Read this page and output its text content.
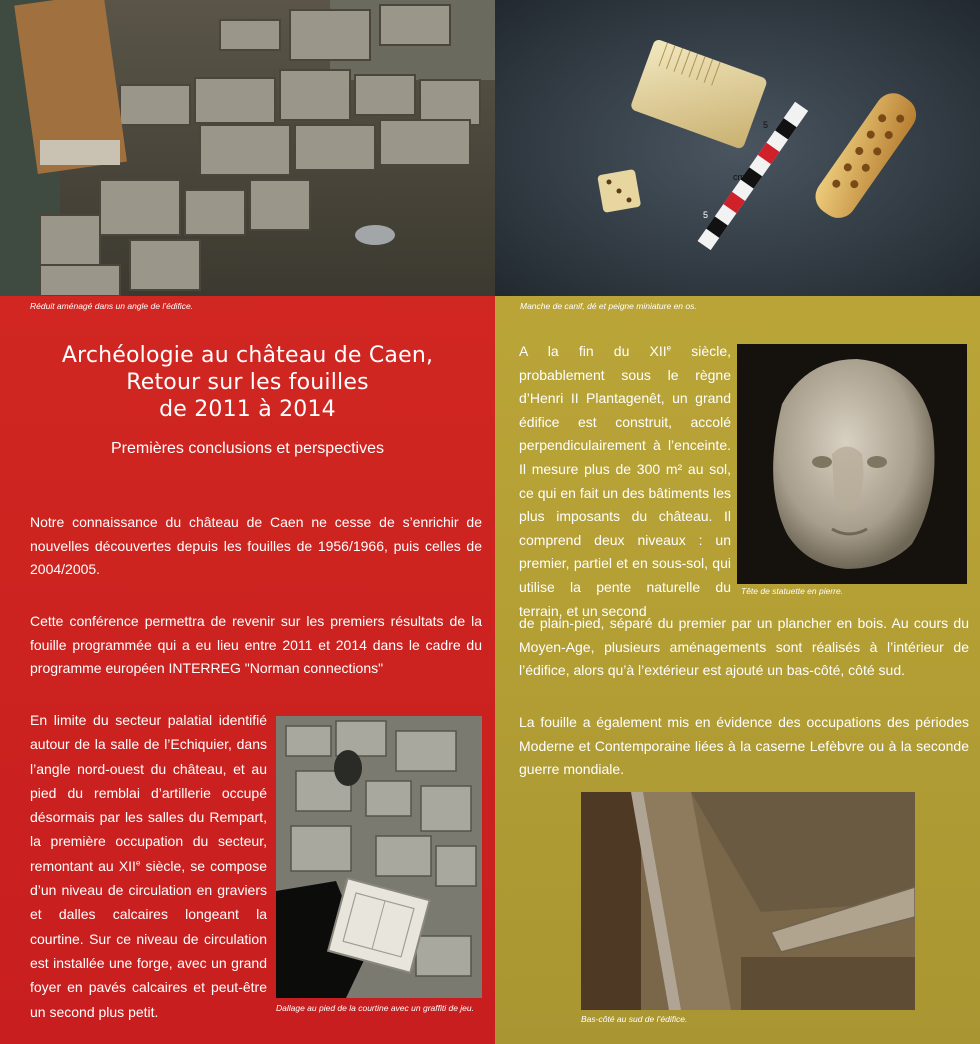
5
cm
5
Réduit aménagé dans un angle de l’édifice.	Manche de canif, dé et peigne miniature en os.
Archéologie au château de Caen,
Retour sur les fouilles
de 2011 à 2014
Premières conclusions et perspectives
Notre connaissance du château de Caen ne cesse de s’enrichir de nouvelles découvertes depuis les fouilles de 1956/1966, puis celles de 2004/2005.
Cette conférence permettra de revenir sur les premiers résultats de la fouille programmée qui a eu lieu entre 2011 et 2014 dans le cadre du programme européen INTERREG "Norman connections"
En limite du secteur palatial identifié autour de la salle de l’Echiquier, dans l’angle nord-ouest du château, et au pied du remblai d’artillerie occupé désormais par les salles du Rempart, la première occupation du secteur, remontant au XIIe siècle, se compose d’un niveau de circulation en graviers et dalles calcaires longeant la courtine. Sur ce niveau de circulation est installée une forge, avec un grand foyer en pavés calcaires et peut-être un second plus petit.	Dallage au pied de la courtine avec un graffiti de jeu.
A la fin du XIIe siècle, probablement sous le règne d’Henri II Plantagenêt, un grand édifice est construit, accolé perpendiculairement à l’enceinte. Il mesure plus de 300 m² au sol, ce qui en fait un des bâtiments les plus imposants du château. Il comprend deux niveaux : un premier, partiel et en sous-sol, qui utilise la pente naturelle du terrain, et un second
Tête de statuette en pierre.
de plain-pied, séparé du premier par un plancher en bois. Au cours du Moyen-Age, plusieurs aménagements sont réalisés à l’intérieur de l’édifice, alors qu’à l’extérieur est ajouté un bas-côté, côté sud.
La fouille a également mis en évidence des occupations des périodes Moderne et Contemporaine liées à la caserne Lefèbvre ou à la seconde guerre mondiale.
Bas-côté au sud de l’édifice.
